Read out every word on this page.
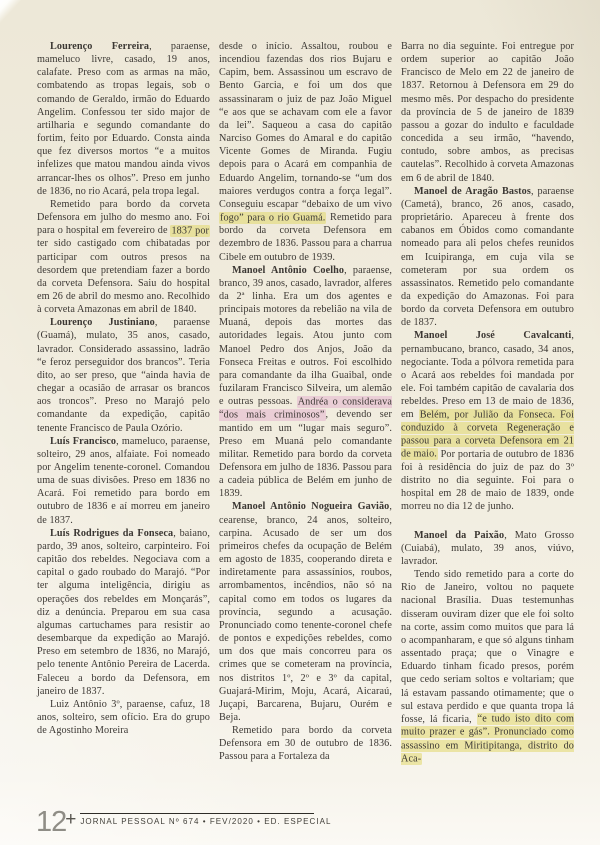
Lourenço Ferreira, paraense, mameluco livre, casado, 19 anos, calafate. Preso com as armas na mão, combatendo as tropas legais, sob o comando de Geraldo, irmão do Eduardo Angelim. Confessou ter sido major de artilharia e segundo comandante do fortim, feito por Eduardo. Consta ainda que fez diversos mortos “e a muitos infelizes que matou mandou ainda vivos arrancar-lhes os olhos”. Preso em junho de 1836, no rio Acará, pela tropa legal.

Remetido para bordo da corveta Defensora em julho do mesmo ano. Foi para o hospital em fevereiro de 1837 por ter sido castigado com chibatadas por participar com outros presos na desordem que pretendiam fazer a bordo da corveta Defensora. Saiu do hospital em 26 de abril do mesmo ano. Recolhido à corveta Amazonas em abril de 1840.

Lourenço Justiniano, paraense (Guamá), mulato, 35 anos, casado, lavrador. Considerado assassino, ladrão “e feroz perseguidor dos brancos”. Teria dito, ao ser preso, que “ainda havia de chegar a ocasião de arrasar os brancos aos troncos”. Preso no Marajó pelo comandante da expedição, capitão tenente Francisco de Paula Ozório.

Luís Francisco, mameluco, paraense, solteiro, 29 anos, alfaiate. Foi nomeado por Angelim tenente-coronel. Comandou uma de suas divisões. Preso em 1836 no Acará. Foi remetido para bordo em outubro de 1836 e aí morreu em janeiro de 1837.

Luís Rodrigues da Fonseca, baiano, pardo, 39 anos, solteiro, carpinteiro. Foi capitão dos rebeldes. Negociava com a capital o gado roubado do Marajó. “Por ter alguma inteligência, dirigiu as operações dos rebeldes em Monçarás”, diz a denúncia. Preparou em sua casa algumas cartuchames para resistir ao desembarque da expedição ao Marajó. Preso em setembro de 1836, no Marajó, pelo tenente Antônio Pereira de Lacerda. Faleceu a bordo da Defensora, em janeiro de 1837.

Luiz Antônio 3º, paraense, cafuz, 18 anos, solteiro, sem ofício. Era do grupo de Agostinho Moreira

desde o início. Assaltou, roubou e incendiou fazendas dos rios Bujaru e Capim, bem. Assassinou um escravo de Bento Garcia, e foi um dos que assassinaram o juiz de paz João Miguel “e aos que se achavam com ele a favor da lei”. Saqueou a casa do capitão Narciso Gomes do Amaral e do capitão Vicente Gomes de Miranda. Fugiu depois para o Acará em companhia de Eduardo Angelim, tornando-se “um dos maiores verdugos contra a força legal”. Conseguiu escapar “debaixo de um vivo fogo” para o rio Guamá. Remetido para bordo da corveta Defensora em dezembro de 1836. Passou para a charrua Cibele em outubro de 1939.

Manoel Antônio Coelho, paraense, branco, 39 anos, casado, lavrador, alferes da 2ª linha. Era um dos agentes e principais motores da rebelião na vila de Muaná, depois das mortes das autoridades legais. Atou junto com Manoel Pedro dos Anjos, João da Fonseca Freitas e outros. Foi escolhido para comandante da ilha Guaibal, onde fuzilaram Francisco Silveira, um alemão e outras pessoas. Andréa o considerava “dos mais criminosos”, devendo ser mantido em um “lugar mais seguro”. Preso em Muaná pelo comandante militar. Remetido para bordo da corveta Defensora em julho de 1836. Passou para a cadeia pública de Belém em junho de 1839.

Manoel Antônio Nogueira Gavião, cearense, branco, 24 anos, solteiro, carpina. Acusado de ser um dos primeiros chefes da ocupação de Belém em agosto de 1835, cooperando direta e indiretamente para assassínios, roubos, arrombamentos, incêndios, não só na capital como em todos os lugares da província, segundo a acusação. Pronunciado como tenente-coronel chefe de pontos e expedições rebeldes, como um dos que mais concorreu para os crimes que se cometeram na província, nos distritos 1º, 2º e 3º da capital, Guajará-Mirim, Moju, Acará, Aicaraú, Juçapi, Barcarena, Bujaru, Ourém e Beja.

Remetido para bordo da corveta Defensora em 30 de outubro de 1836. Passou para a Fortaleza da

Barra no dia seguinte. Foi entregue por ordem superior ao capitão João Francisco de Melo em 22 de janeiro de 1837. Retornou à Defensora em 29 do mesmo mês. Por despacho do presidente da província de 5 de janeiro de 1839 passou a gozar do indulto e faculdade concedida a seu irmão, “havendo, contudo, sobre ambos, as precisas cautelas”. Recolhido à corveta Amazonas em 6 de abril de 1840.

Manoel de Aragão Bastos, paraense (Cametá), branco, 26 anos, casado, proprietário. Apareceu à frente dos cabanos em Óbidos como comandante nomeado para ali pelos chefes reunidos em Icuipiranga, em cuja vila se cometeram por sua ordem os assassinatos. Remetido pelo comandante da expedição do Amazonas. Foi para bordo da corveta Defensora em outubro de 1837.

Manoel José Cavalcanti, pernambucano, branco, casado, 34 anos, negociante. Toda a pólvora remetida para o Acará aos rebeldes foi mandada por ele. Foi também capitão de cavalaria dos rebeldes. Preso em 13 de maio de 1836, em Belém, por Julião da Fonseca. Foi conduzido à corveta Regeneração e passou para a corveta Defensora em 21 de maio. Por portaria de outubro de 1836 foi à residência do juiz de paz do 3º distrito no dia seguinte. Foi para o hospital em 28 de maio de 1839, onde morreu no dia 12 de junho.

Manoel da Paixão, Mato Grosso (Cuiabá), mulato, 39 anos, viúvo, lavrador.

Tendo sido remetido para a corte do Rio de Janeiro, voltou no paquete nacional Brasília. Duas testemunhas disseram ouviram dizer que ele foi solto na corte, assim como muitos que para lá o acompanharam, e que só alguns tinham assentado praça; que o Vinagre e Eduardo tinham ficado presos, porém que cedo seriam soltos e voltariam; que lá estavam passando otimamente; que o sul estava perdido e que quanta tropa lá fosse, lá ficaria, “e tudo isto dito com muito prazer e gás”. Pronunciado como assassino em Miritipitanga, distrito do Aca-

12 + JORNAL PESSOAL Nº 674 • FEV/2020 • ED. ESPECIAL
